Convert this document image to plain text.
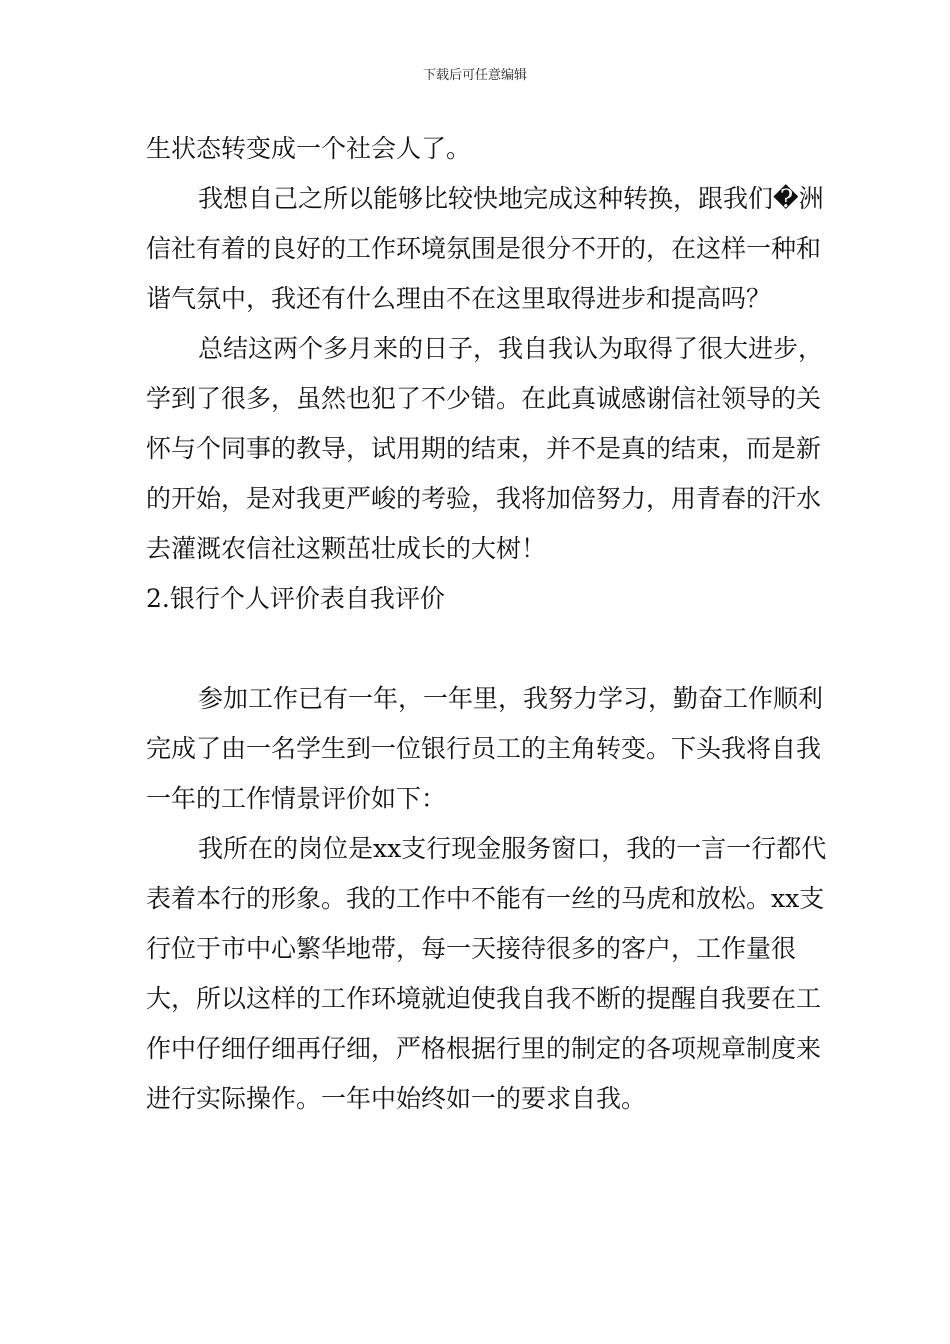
下载后可任意编辑

生状态转变成一个社会人了。

我想自己之所以能够比较快地完成这种转换，跟我们�洲信社有着的良好的工作环境氛围是很分不开的，在这样一种和谐气氛中，我还有什么理由不在这里取得进步和提高吗？

总结这两个多月来的日子，我自我认为取得了很大进步，学到了很多，虽然也犯了不少错。在此真诚感谢信社领导的关怀与个同事的教导，试用期的结束，并不是真的结束，而是新的开始，是对我更严峻的考验，我将加倍努力，用青春的汗水去灌溉农信社这颗茁壮成长的大树！

2.银行个人评价表自我评价

参加工作已有一年，一年里，我努力学习，勤奋工作顺利完成了由一名学生到一位银行员工的主角转变。下头我将自我一年的工作情景评价如下：

我所在的岗位是xx支行现金服务窗口，我的一言一行都代表着本行的形象。我的工作中不能有一丝的马虎和放松。xx支行位于市中心繁华地带，每一天接待很多的客户，工作量很大，所以这样的工作环境就迫使我自我不断的提醒自我要在工作中仔细仔细再仔细，严格根据行里的制定的各项规章制度来进行实际操作。一年中始终如一的要求自我。
